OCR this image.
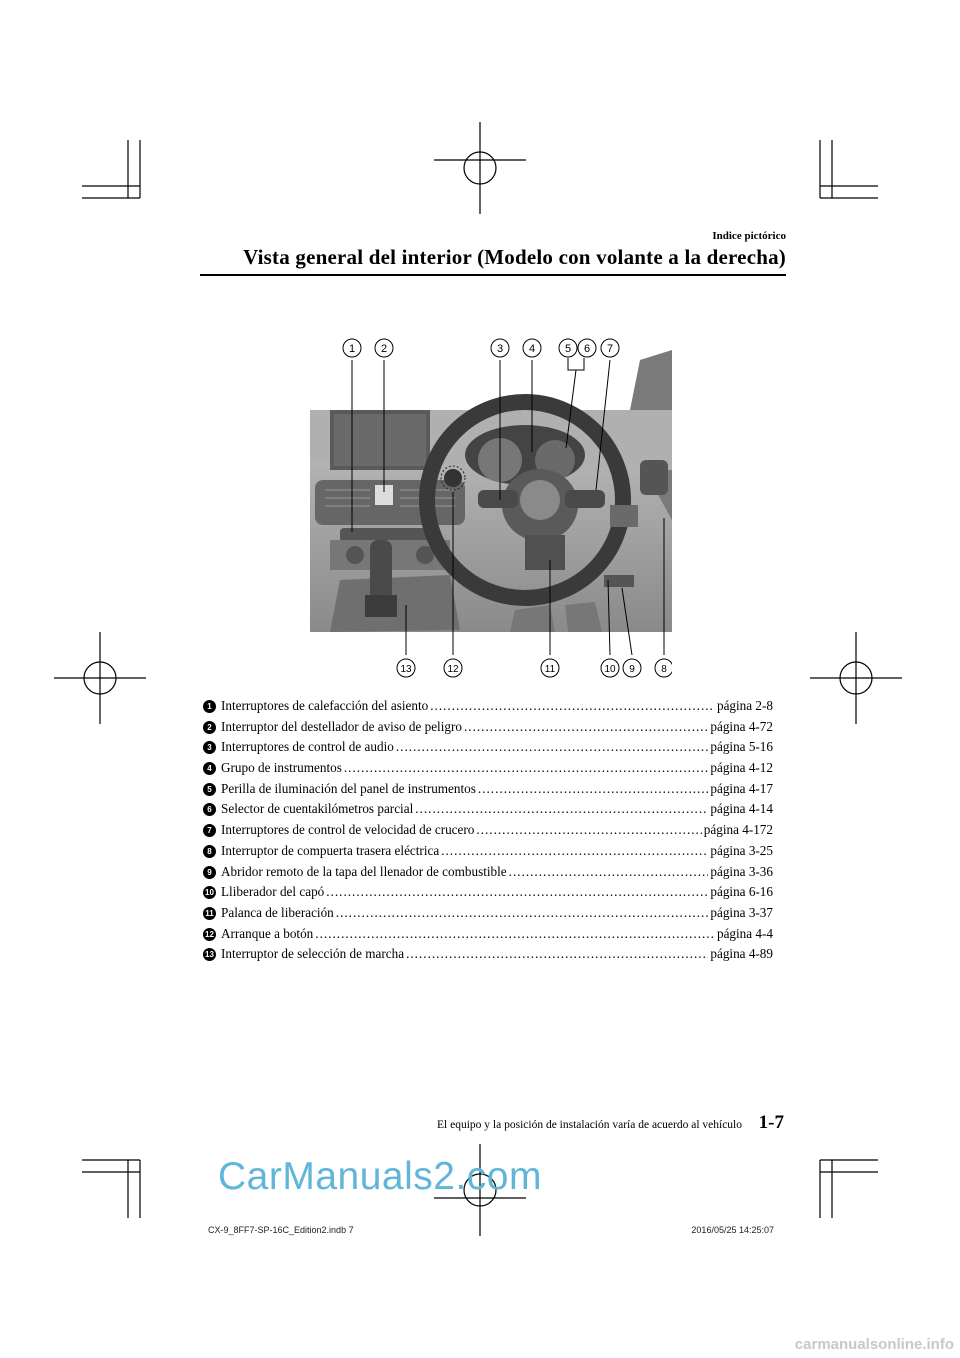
Indice pictórico
Vista general del interior (Modelo con volante a la derecha)
1 2	3 4	5 6 7
13	12	11	10 9	8
1 Interruptores de calefacción del asiento .....	página 2-8
2 Interruptor del destellador de aviso de peligro .....	página 4-72
3 Interruptores de control de audio .....	página 5-16
4 Grupo de instrumentos .....	página 4-12
5 Perilla de iluminación del panel de instrumentos .....	página 4-17
6 Selector de cuentakilómetros parcial .....	página 4-14
7 Interruptores de control de velocidad de crucero .....	página 4-172
8 Interruptor de compuerta trasera eléctrica .....	página 3-25
9 Abridor remoto de la tapa del llenador de combustible .....	página 3-36
10 Lliberador del capó .....	página 6-16
11 Palanca de liberación .....	página 3-37
12 Arranque a botón .....	página 4-4
13 Interruptor de selección de marcha .....	página 4-89
El equipo y la posición de instalación varía de acuerdo al vehículo 1-7
CarManuals2.com
CX-9_8FF7-SP-16C_Edition2.indb 7	2016/05/25 14:25:07
carmanualsonline.info
